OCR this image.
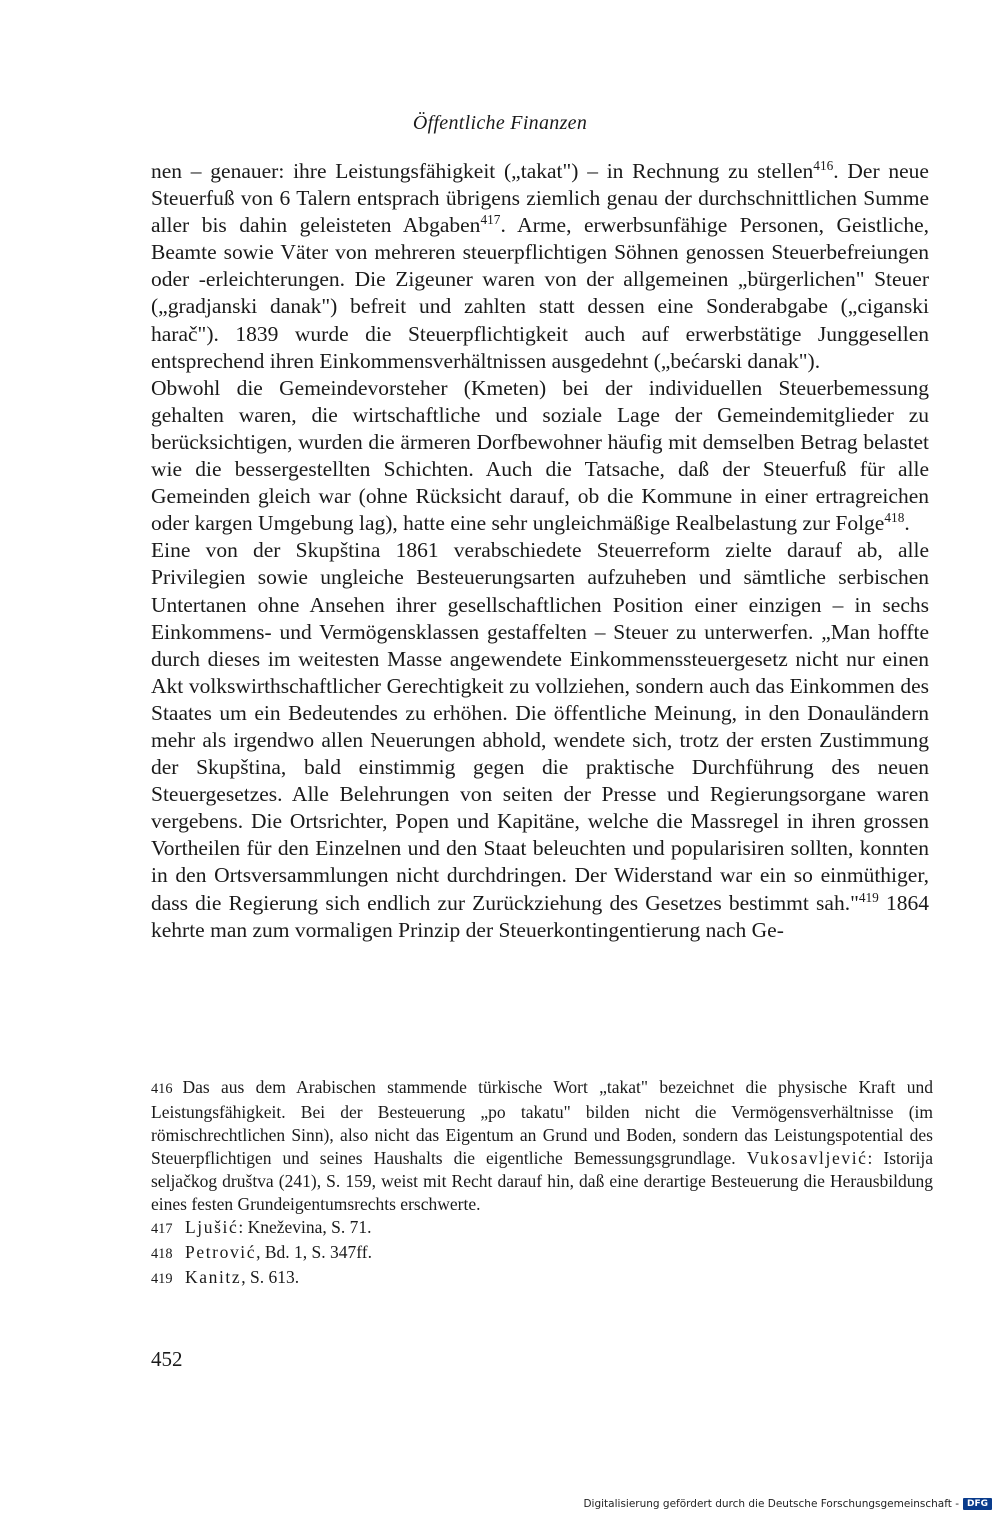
Öffentliche Finanzen

nen – genauer: ihre Leistungsfähigkeit („takat") – in Rechnung zu stellen$^{416}$. Der neue Steuerfuß von 6 Talern entsprach übrigens ziemlich genau der durchschnittlichen Summe aller bis dahin geleisteten Abgaben$^{417}$. Arme, erwerbsunfähige Personen, Geistliche, Beamte sowie Väter von mehreren steuerpflichtigen Söhnen genossen Steuerbefreiungen oder -erleichterungen. Die Zigeuner waren von der allgemeinen „bürgerlichen" Steuer („gradjanski danak") befreit und zahlten statt dessen eine Sonderabgabe („ciganski harač"). 1839 wurde die Steuerpflichtigkeit auch auf erwerbstätige Junggesellen entsprechend ihren Einkommensverhältnissen ausgedehnt („bećarski danak").

Obwohl die Gemeindevorsteher (Kmeten) bei der individuellen Steuerbemessung gehalten waren, die wirtschaftliche und soziale Lage der Gemeindemitglieder zu berücksichtigen, wurden die ärmeren Dorfbewohner häufig mit demselben Betrag belastet wie die bessergestellten Schichten. Auch die Tatsache, daß der Steuerfuß für alle Gemeinden gleich war (ohne Rücksicht darauf, ob die Kommune in einer ertragreichen oder kargen Umgebung lag), hatte eine sehr ungleichmäßige Realbelastung zur Folge$^{418}$.

Eine von der Skupština 1861 verabschiedete Steuerreform zielte darauf ab, alle Privilegien sowie ungleiche Besteuerungsarten aufzuheben und sämtliche serbischen Untertanen ohne Ansehen ihrer gesellschaftlichen Position einer einzigen – in sechs Einkommens- und Vermögensklassen gestaffelten – Steuer zu unterwerfen. „Man hoffte durch dieses im weitesten Masse angewendete Einkommenssteuergesetz nicht nur einen Akt volkswirthschaftlicher Gerechtigkeit zu vollziehen, sondern auch das Einkommen des Staates um ein Bedeutendes zu erhöhen. Die öffentliche Meinung, in den Donauländern mehr als irgendwo allen Neuerungen abhold, wendete sich, trotz der ersten Zustimmung der Skupština, bald einstimmig gegen die praktische Durchführung des neuen Steuergesetzes. Alle Belehrungen von seiten der Presse und Regierungsorgane waren vergebens. Die Ortsrichter, Popen und Kapitäne, welche die Massregel in ihren grossen Vortheilen für den Einzelnen und den Staat beleuchten und popularisiren sollten, konnten in den Ortsversammlungen nicht durchdringen. Der Widerstand war ein so einmüthiger, dass die Regierung sich endlich zur Zurückziehung des Gesetzes bestimmt sah."$^{419}$ 1864 kehrte man zum vormaligen Prinzip der Steuerkontingentierung nach Ge-

416 Das aus dem Arabischen stammende türkische Wort „takat" bezeichnet die physische Kraft und Leistungsfähigkeit. Bei der Besteuerung „po takatu" bilden nicht die Vermögensverhältnisse (im römischrechtlichen Sinn), also nicht das Eigentum an Grund und Boden, sondern das Leistungspotential des Steuerpflichtigen und seines Haushalts die eigentliche Bemessungsgrundlage. Vukosavljević: Istorija seljačkog društva (241), S. 159, weist mit Recht darauf hin, daß eine derartige Besteuerung die Herausbildung eines festen Grundeigentumsrechts erschwerte.

417 Ljušić: Kneževina, S. 71.

418 Petrović, Bd. 1, S. 347ff.

419 Kanitz, S. 613.

452
Digitalisierung gefördert durch die Deutsche Forschungsgemeinschaft - DFG
